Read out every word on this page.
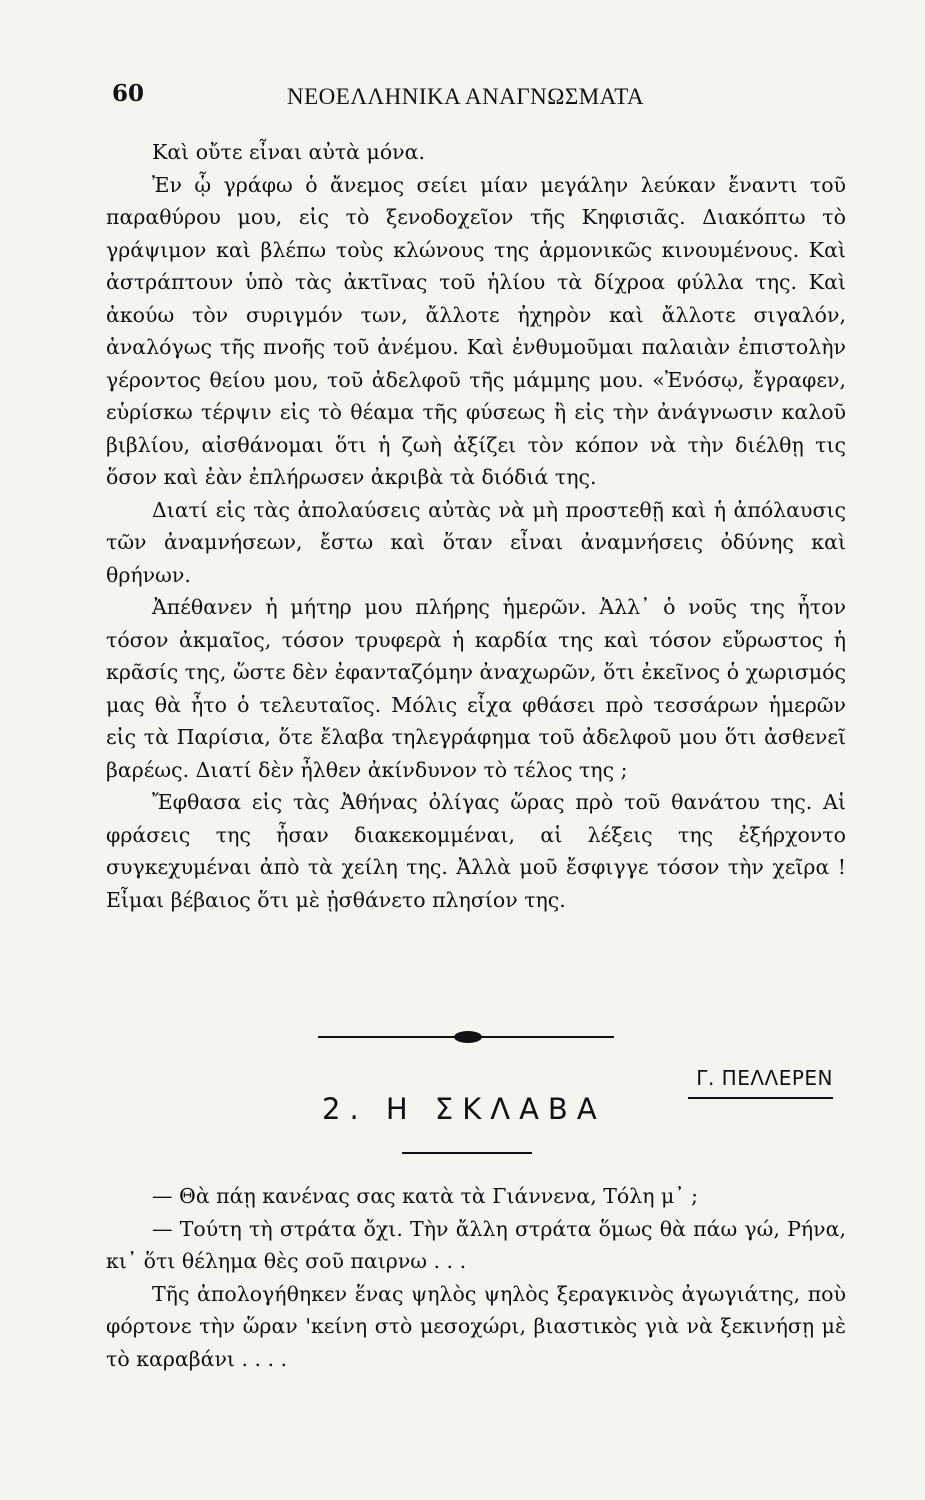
60	ΝΕΟΕΛΛΗΝΙΚΑ ΑΝΑΓΝΩΣΜΑΤΑ

Καὶ οὔτε εἶναι αὐτὰ μόνα.

Ἐν ᾧ γράφω ὁ ἄνεμος σείει μίαν μεγάλην λεύκαν ἔναντι τοῦ παραθύρου μου, εἰς τὸ ξενοδοχεῖον τῆς Κηφισιᾶς. Διακόπτω τὸ γράψιμον καὶ βλέπω τοὺς κλώνους της ἁρμονικῶς κινουμένους. Καὶ ἀστράπτουν ὑπὸ τὰς ἀκτῖνας τοῦ ἡλίου τὰ δίχροα φύλλα της. Καὶ ἀκούω τὸν συριγμόν των, ἄλλοτε ἠχηρὸν καὶ ἄλλοτε σιγαλόν, ἀναλόγως τῆς πνοῆς τοῦ ἀνέμου. Καὶ ἐνθυμοῦμαι παλαιὰν ἐπιστολὴν γέροντος θείου μου, τοῦ ἀδελφοῦ τῆς μάμμης μου. «Ἐνόσῳ, ἔγραφεν, εὑρίσκω τέρψιν εἰς τὸ θέαμα τῆς φύσεως ἢ εἰς τὴν ἀνάγνωσιν καλοῦ βιβλίου, αἰσθάνομαι ὅτι ἡ ζωὴ ἀξίζει τὸν κόπον νὰ τὴν διέλθῃ τις ὅσον καὶ ἐὰν ἐπλήρωσεν ἀκριβὰ τὰ διόδιά της.

Διατί εἰς τὰς ἀπολαύσεις αὐτὰς νὰ μὴ προστεθῇ καὶ ἡ ἀπόλαυσις τῶν ἀναμνήσεων, ἔστω καὶ ὅταν εἶναι ἀναμνήσεις ὀδύνης καὶ θρήνων.

Ἀπέθανεν ἡ μήτηρ μου πλήρης ἡμερῶν. Ἀλλ᾽ ὁ νοῦς της ἦτον τόσον ἀκμαῖος, τόσον τρυφερὰ ἡ καρδία της καὶ τόσον εὔρωστος ἡ κρᾶσίς της, ὥστε δὲν ἐφανταζόμην ἀναχωρῶν, ὅτι ἐκεῖνος ὁ χωρισμός μας θὰ ἦτο ὁ τελευταῖος. Μόλις εἶχα φθάσει πρὸ τεσσάρων ἡμερῶν εἰς τὰ Παρίσια, ὅτε ἔλαβα τηλεγράφημα τοῦ ἀδελφοῦ μου ὅτι ἀσθενεῖ βαρέως. Διατί δὲν ἦλθεν ἀκίνδυνον τὸ τέλος της ;

Ἔφθασα εἰς τὰς Ἀθήνας ὀλίγας ὥρας πρὸ τοῦ θανάτου της. Αἱ φράσεις της ἦσαν διακεκομμέναι, αἱ λέξεις της ἐξήρχοντο συγκεχυμέναι ἀπὸ τὰ χείλη της. Ἀλλὰ μοῦ ἔσφιγγε τόσον τὴν χεῖρα ! Εἶμαι βέβαιος ὅτι μὲ ᾐσθάνετο πλησίον της.

Γ. ΠΕΛΛΕΡΕΝ
2. Η ΣΚΛΑΒΑ

— Θὰ πάῃ κανένας σας κατὰ τὰ Γιάννενα, Τόλη μ᾽ ;

— Τούτη τὴ στράτα ὄχι. Τὴν ἄλλη στράτα ὅμως θὰ πάω γώ, Ρήνα, κι᾽ ὅτι θέλημα θὲς σοῦ παιρνω . . .

Τῆς ἀπολογήθηκεν ἕνας ψηλὸς ψηλὸς ξεραγκινὸς ἀγωγιάτης, ποὺ φόρτονε τὴν ὥραν 'κείνη στὸ μεσοχώρι, βιαστικὸς γιὰ νὰ ξεκινήσῃ μὲ τὸ καραβάνι . . . .
